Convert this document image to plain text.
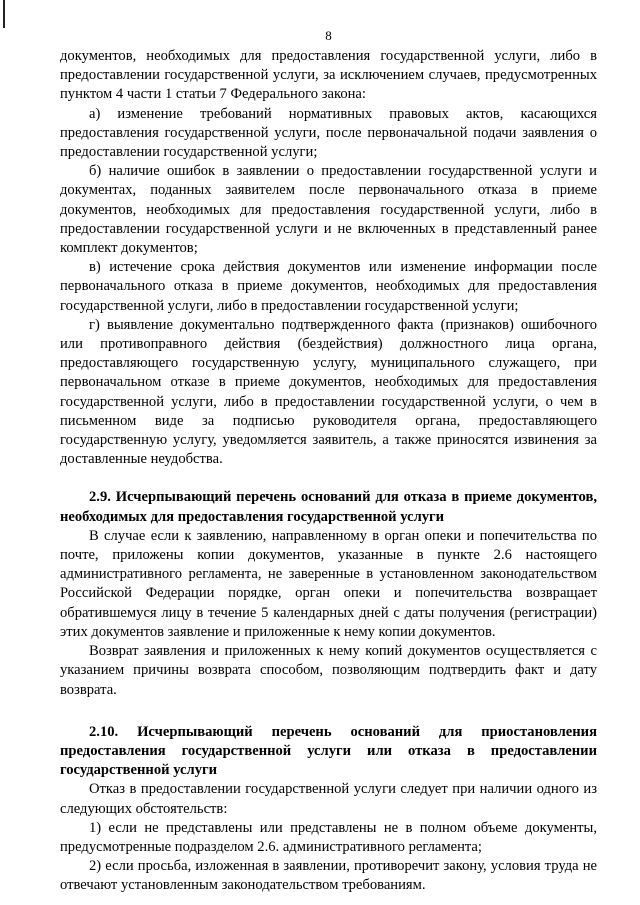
8

документов, необходимых для предоставления государственной услуги, либо в предоставлении государственной услуги, за исключением случаев, предусмотренных пунктом 4 части 1 статьи 7 Федерального закона:

а) изменение требований нормативных правовых актов, касающихся предоставления государственной услуги, после первоначальной подачи заявления о предоставлении государственной услуги;

б) наличие ошибок в заявлении о предоставлении государственной услуги и документах, поданных заявителем после первоначального отказа в приеме документов, необходимых для предоставления государственной услуги, либо в предоставлении государственной услуги и не включенных в представленный ранее комплект документов;

в) истечение срока действия документов или изменение информации после первоначального отказа в приеме документов, необходимых для предоставления государственной услуги, либо в предоставлении государственной услуги;

г) выявление документально подтвержденного факта (признаков) ошибочного или противоправного действия (бездействия) должностного лица органа, предоставляющего государственную услугу, муниципального служащего, при первоначальном отказе в приеме документов, необходимых для предоставления государственной услуги, либо в предоставлении государственной услуги, о чем в письменном виде за подписью руководителя органа, предоставляющего государственную услугу, уведомляется заявитель, а также приносятся извинения за доставленные неудобства.

2.9. Исчерпывающий перечень оснований для отказа в приеме документов, необходимых для предоставления государственной услуги

В случае если к заявлению, направленному в орган опеки и попечительства по почте, приложены копии документов, указанные в пункте 2.6 настоящего административного регламента, не заверенные в установленном законодательством Российской Федерации порядке, орган опеки и попечительства возвращает обратившемуся лицу в течение 5 календарных дней с даты получения (регистрации) этих документов заявление и приложенные к нему копии документов.

Возврат заявления и приложенных к нему копий документов осуществляется с указанием причины возврата способом, позволяющим подтвердить факт и дату возврата.

2.10. Исчерпывающий перечень оснований для приостановления предоставления государственной услуги или отказа в предоставлении государственной услуги

Отказ в предоставлении государственной услуги следует при наличии одного из следующих обстоятельств:

1) если не представлены или представлены не в полном объеме документы, предусмотренные подразделом 2.6. административного регламента;

2) если просьба, изложенная в заявлении, противоречит закону, условия труда не отвечают установленным законодательством требованиям.
